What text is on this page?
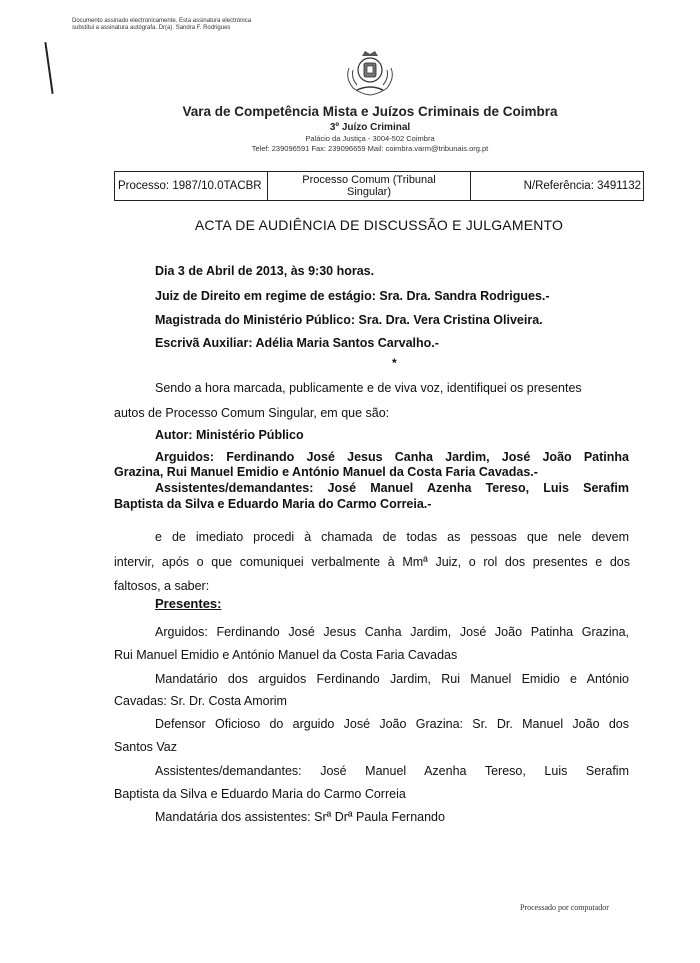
Documento assinado electronicamente. Esta assinatura electrónica substitui a assinatura autógrafa. Dr(a). Sandra F. Rodrigues
Vara de Competência Mista e Juízos Criminais de Coimbra
3º Juízo Criminal
Palácio da Justiça - 3004-502 Coimbra
Telef: 239096591 Fax: 239096659 Mail: coimbra.varm@tribunais.org.pt
Processo: 1987/10.0TACBR	Processo Comum (Tribunal
Singular)	N/Referência: 3491132
ACTA DE AUDIÊNCIA DE DISCUSSÃO E JULGAMENTO
Dia 3 de Abril de 2013, às 9:30 horas.
Juiz de Direito em regime de estágio: Sra. Dra. Sandra Rodrigues.-
Magistrada do Ministério Público: Sra. Dra. Vera Cristina Oliveira.
Escrivã Auxiliar: Adélia Maria Santos Carvalho.-
*
Sendo a hora marcada, publicamente e de viva voz, identifiquei os presentes
autos de Processo Comum Singular, em que são:
Autor: Ministério Público
Arguidos: Ferdinando José Jesus Canha Jardim, José João Patinha
Grazina, Rui Manuel Emidio e António Manuel da Costa Faria Cavadas.-
Assistentes/demandantes: José Manuel Azenha Tereso, Luis Serafim
Baptista da Silva e Eduardo Maria do Carmo Correia.-
e de imediato procedi à chamada de todas as pessoas que nele devem
intervir, após o que comuniquei verbalmente à Mmª Juiz, o rol dos presentes e dos
faltosos, a saber:
Presentes:
Arguidos: Ferdinando José Jesus Canha Jardim, José João Patinha Grazina,
Rui Manuel Emidio e António Manuel da Costa Faria Cavadas
Mandatário dos arguidos Ferdinando Jardim, Rui Manuel Emidio e António
Cavadas: Sr. Dr. Costa Amorim
Defensor Oficioso do arguido José João Grazina: Sr. Dr. Manuel João dos
Santos Vaz
Assistentes/demandantes: José Manuel Azenha Tereso, Luis Serafim
Baptista da Silva e Eduardo Maria do Carmo Correia
Mandatária dos assistentes: Srª Drª Paula Fernando
Processado por computador
